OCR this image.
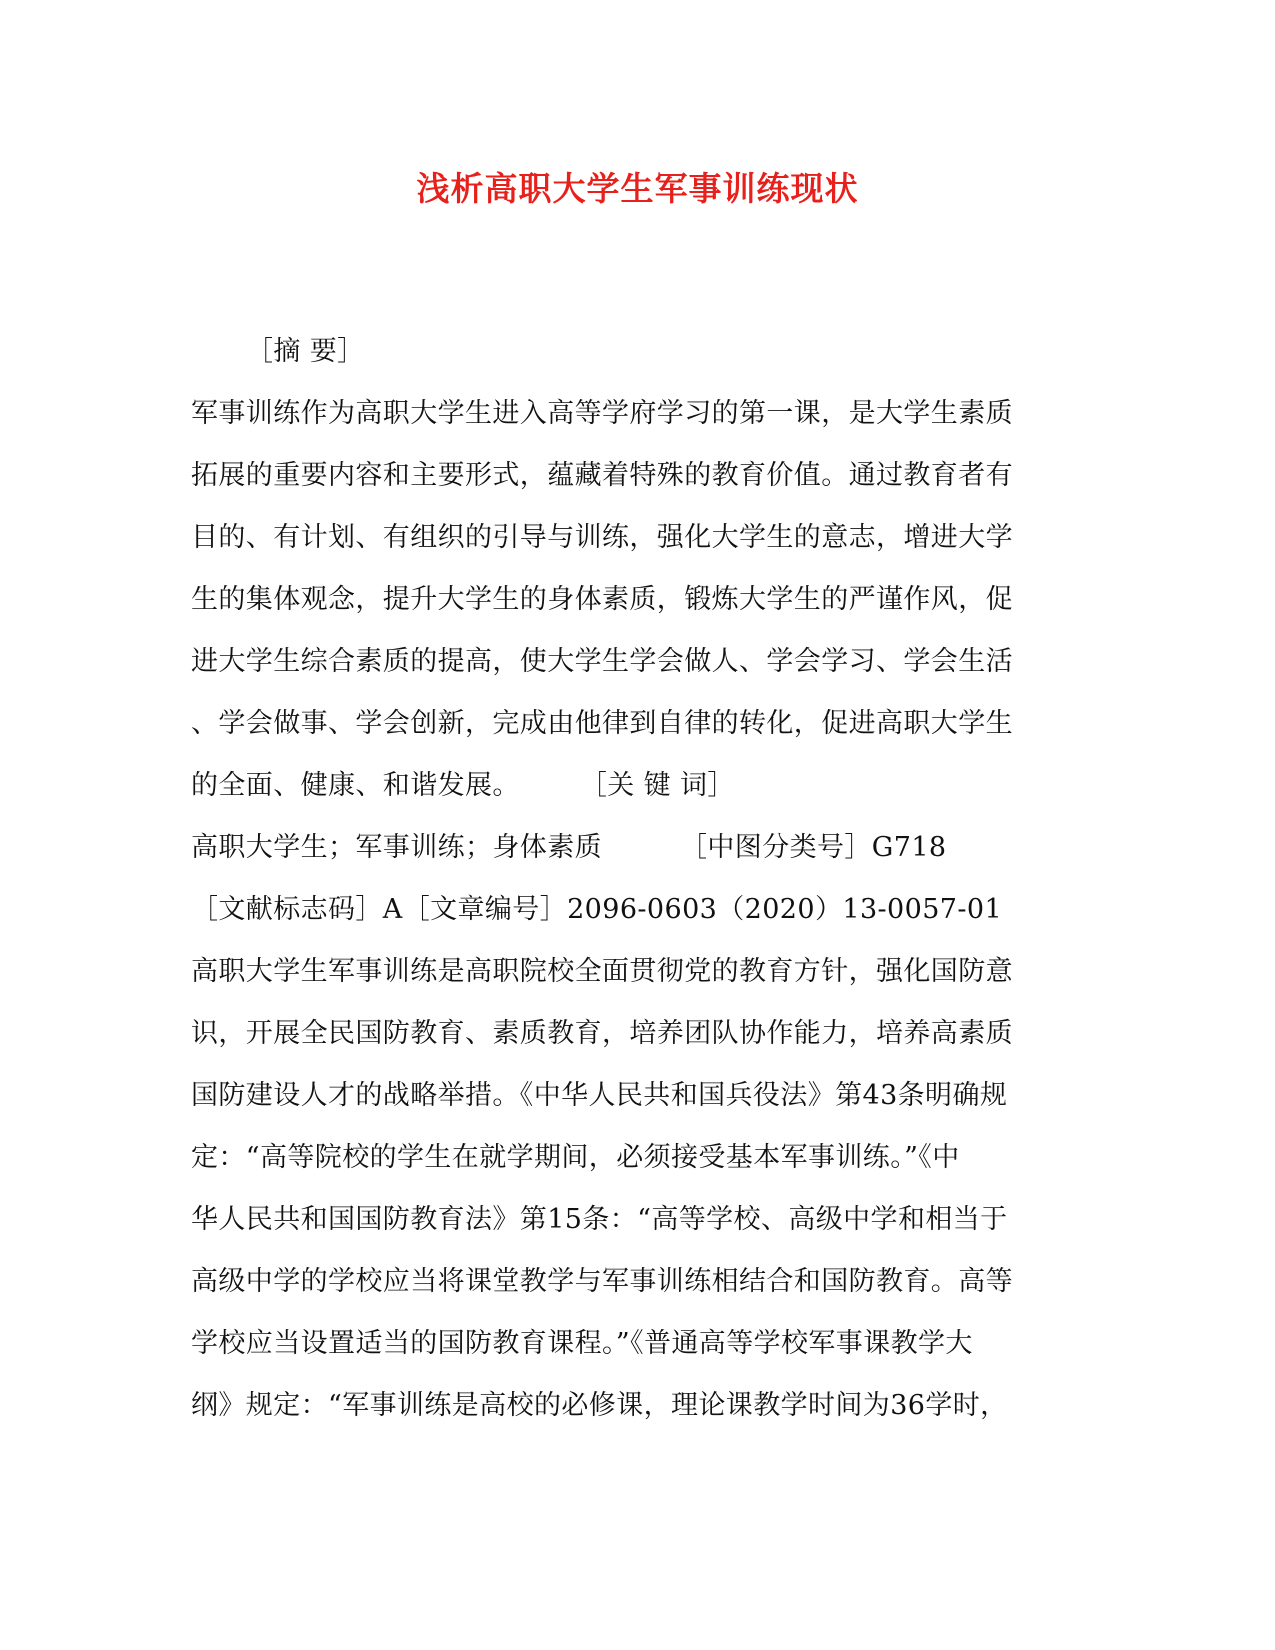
浅析高职大学生军事训练现状
［摘 要］
军事训练作为高职大学生进入高等学府学习的第一课，是大学生素质
拓展的重要内容和主要形式，蕴藏着特殊的教育价值。通过教育者有
目的、有计划、有组织的引导与训练，强化大学生的意志，增进大学
生的集体观念，提升大学生的身体素质，锻炼大学生的严谨作风，促
进大学生综合素质的提高，使大学生学会做人、学会学习、学会生活
、学会做事、学会创新，完成由他律到自律的转化，促进高职大学生
的全面、健康、和谐发展。 ［关 键 词］
高职大学生；军事训练；身体素质	［中图分类号］G718
［文献标志码］A［文章编号］2096-0603（2020）13-0057-01
高职大学生军事训练是高职院校全面贯彻党的教育方针，强化国防意
识，开展全民国防教育、素质教育，培养团队协作能力，培养高素质
国防建设人才的战略举措。《中华人民共和国兵役法》第43条明确规
定：“高等院校的学生在就学期间，必须接受基本军事训练。”《中
华人民共和国国防教育法》第15条：“高等学校、高级中学和相当于
高级中学的学校应当将课堂教学与军事训练相结合和国防教育。高等
学校应当设置适当的国防教育课程。”《普通高等学校军事课教学大
纲》规定：“军事训练是高校的必修课，理论课教学时间为36学时，
